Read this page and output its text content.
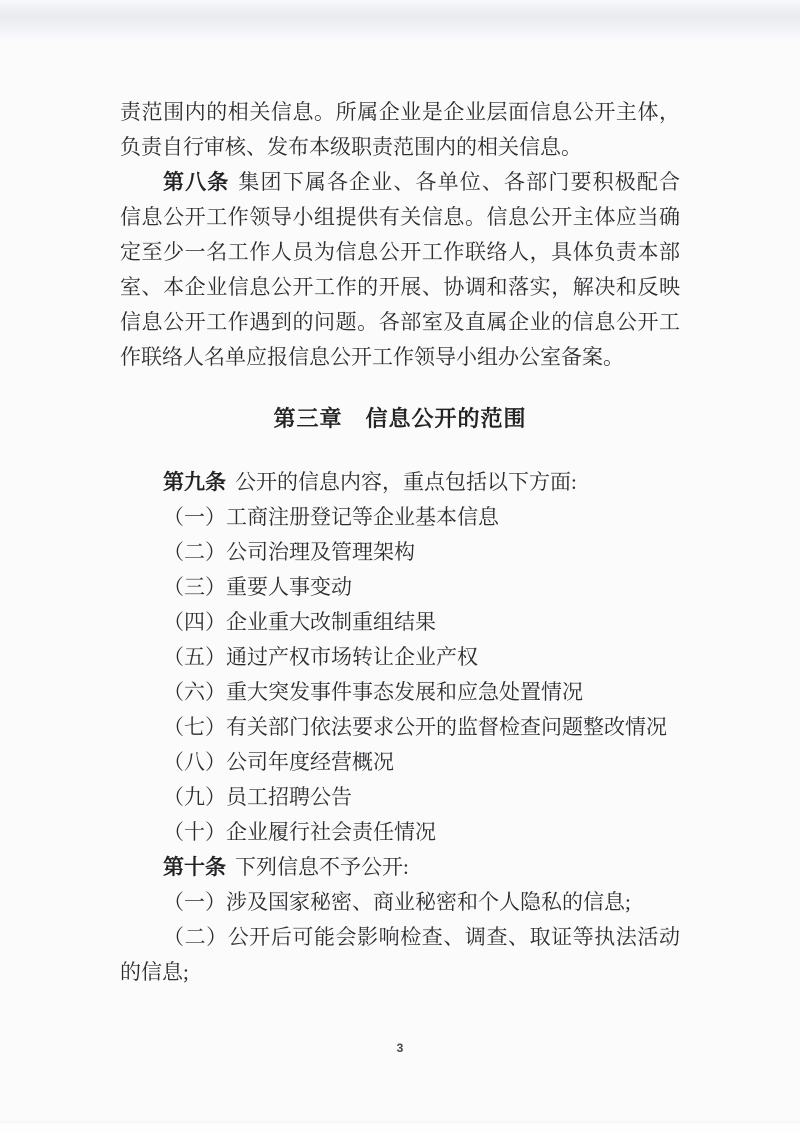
责范围内的相关信息。所属企业是企业层面信息公开主体，
负责自行审核、发布本级职责范围内的相关信息。
第八条 集团下属各企业、各单位、各部门要积极配合
信息公开工作领导小组提供有关信息。信息公开主体应当确
定至少一名工作人员为信息公开工作联络人，具体负责本部
室、本企业信息公开工作的开展、协调和落实，解决和反映
信息公开工作遇到的问题。各部室及直属企业的信息公开工
作联络人名单应报信息公开工作领导小组办公室备案。
第三章　信息公开的范围
第九条 公开的信息内容，重点包括以下方面:
（一）工商注册登记等企业基本信息
（二）公司治理及管理架构
（三）重要人事变动
（四）企业重大改制重组结果
（五）通过产权市场转让企业产权
（六）重大突发事件事态发展和应急处置情况
（七）有关部门依法要求公开的监督检查问题整改情况
（八）公司年度经营概况
（九）员工招聘公告
（十）企业履行社会责任情况
第十条 下列信息不予公开:
（一）涉及国家秘密、商业秘密和个人隐私的信息;
（二）公开后可能会影响检查、调查、取证等执法活动
的信息;
3
